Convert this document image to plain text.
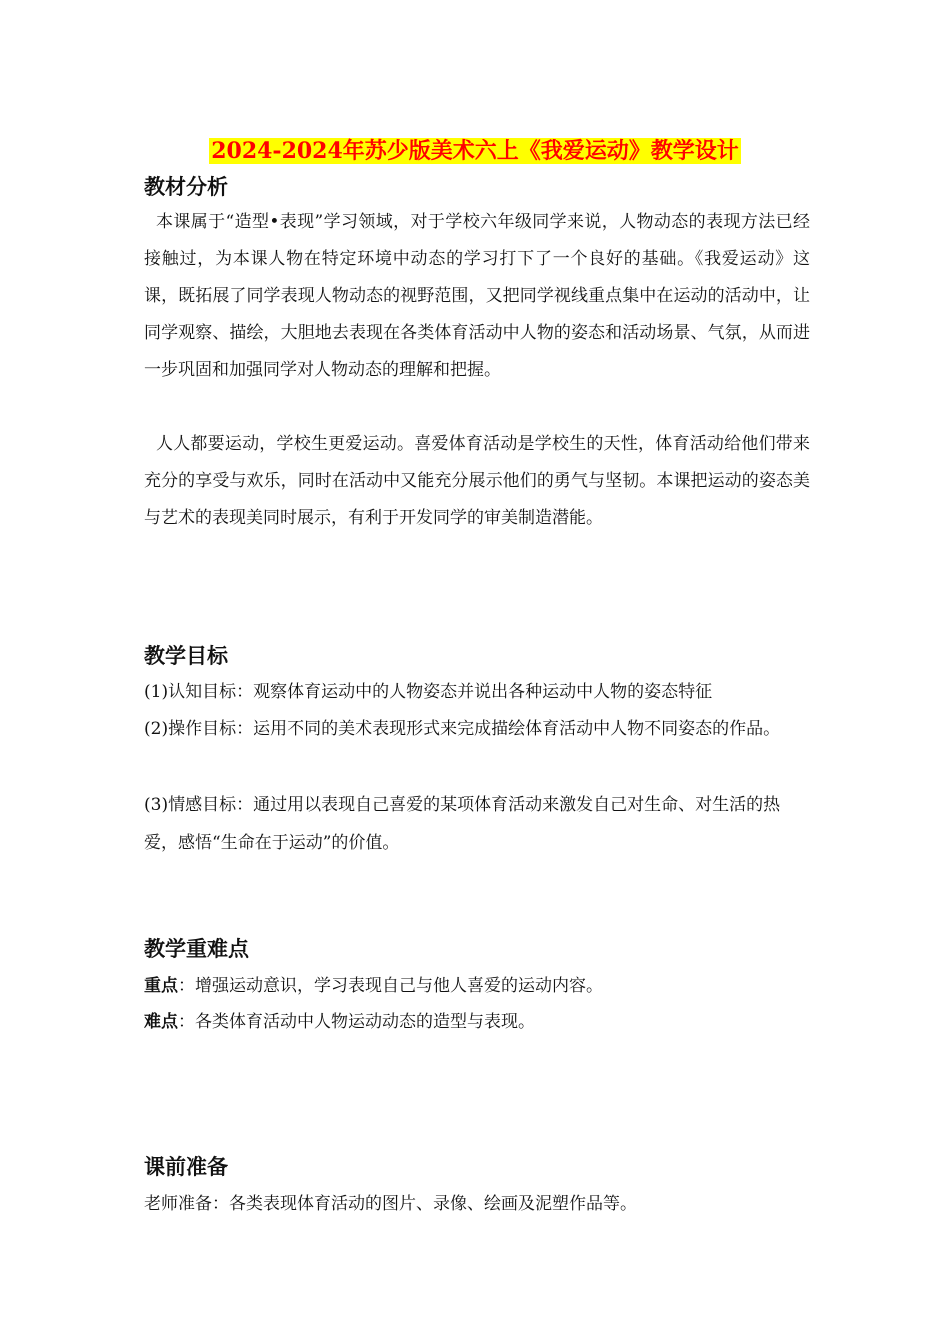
2024-2024年苏少版美术六上《我爱运动》教学设计
教材分析
本课属于“造型•表现”学习领域，对于学校六年级同学来说，人物动态的表现方法已经接触过，为本课人物在特定环境中动态的学习打下了一个良好的基础。《我爱运动》这课，既拓展了同学表现人物动态的视野范围，又把同学视线重点集中在运动的活动中，让同学观察、描绘，大胆地去表现在各类体育活动中人物的姿态和活动场景、气氛，从而进一步巩固和加强同学对人物动态的理解和把握。
人人都要运动，学校生更爱运动。喜爱体育活动是学校生的天性，体育活动给他们带来充分的享受与欢乐，同时在活动中又能充分展示他们的勇气与坚韧。本课把运动的姿态美与艺术的表现美同时展示，有利于开发同学的审美制造潜能。
教学目标
(1)认知目标：观察体育运动中的人物姿态并说出各种运动中人物的姿态特征
(2)操作目标：运用不同的美术表现形式来完成描绘体育活动中人物不同姿态的作品。
(3)情感目标：通过用以表现自己喜爱的某项体育活动来激发自己对生命、对生活的热爱，感悟“生命在于运动”的价值。
教学重难点
重点：增强运动意识，学习表现自己与他人喜爱的运动内容。
难点：各类体育活动中人物运动动态的造型与表现。
课前准备
老师准备：各类表现体育活动的图片、录像、绘画及泥塑作品等。
